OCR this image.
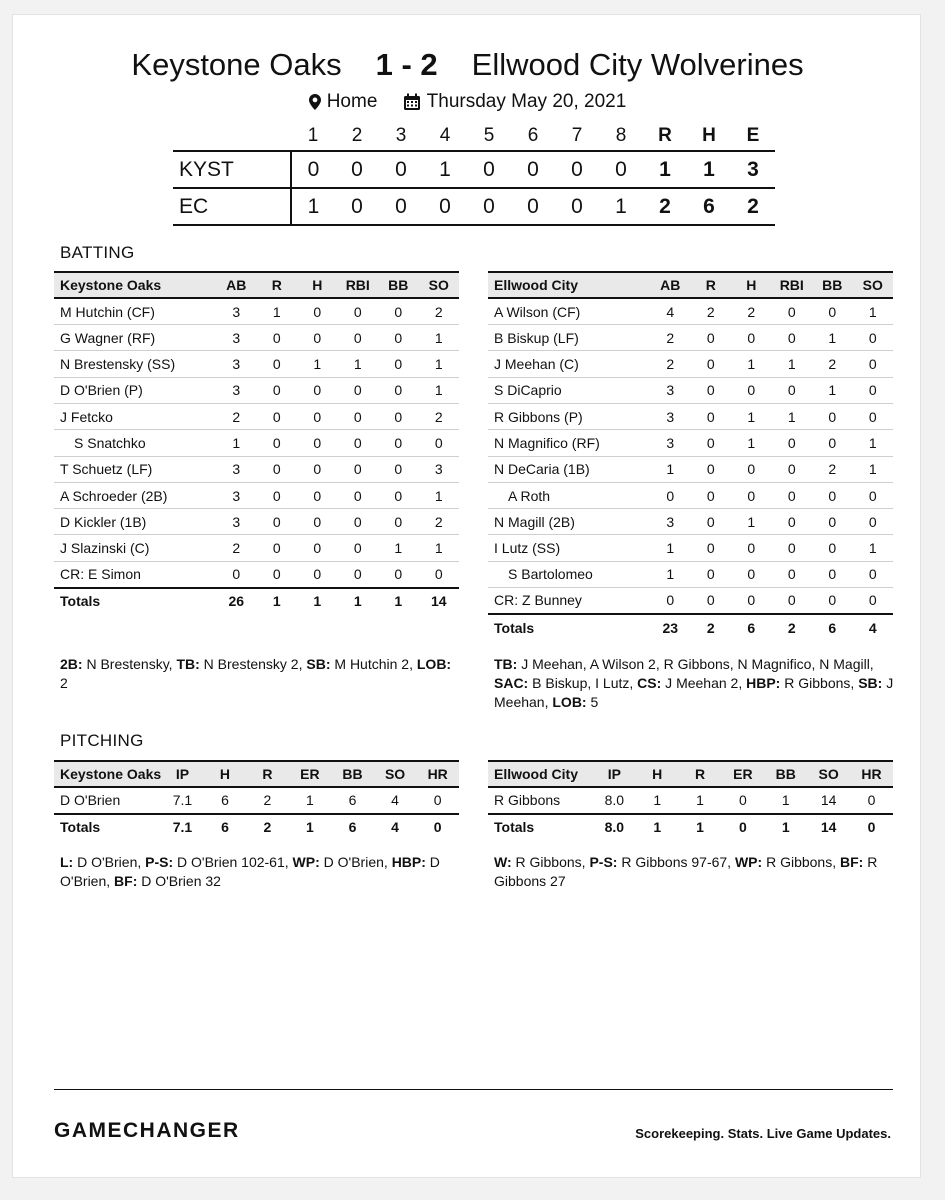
Keystone Oaks 1 - 2 Ellwood City Wolverines
Home	Thursday May 20, 2021
	1	2	3	4	5	6	7	8	R	H	E
KYST	0	0	0	1	0	0	0	0	1	1	3
EC	1	0	0	0	0	0	0	1	2	6	2
BATTING
Keystone Oaks	AB	R	H	RBI	BB	SO
M Hutchin (CF)	3	1	0	0	0	2
G Wagner (RF)	3	0	0	0	0	1
N Brestensky (SS)	3	0	1	1	0	1
D O'Brien (P)	3	0	0	0	0	1
J Fetcko	2	0	0	0	0	2
S Snatchko	1	0	0	0	0	0
T Schuetz (LF)	3	0	0	0	0	3
A Schroeder (2B)	3	0	0	0	0	1
D Kickler (1B)	3	0	0	0	0	2
J Slazinski (C)	2	0	0	0	1	1
CR: E Simon	0	0	0	0	0	0
Totals	26	1	1	1	1	14
Ellwood City	AB	R	H	RBI	BB	SO
A Wilson (CF)	4	2	2	0	0	1
B Biskup (LF)	2	0	0	0	1	0
J Meehan (C)	2	0	1	1	2	0
S DiCaprio	3	0	0	0	1	0
R Gibbons (P)	3	0	1	1	0	0
N Magnifico (RF)	3	0	1	0	0	1
N DeCaria (1B)	1	0	0	0	2	1
A Roth	0	0	0	0	0	0
N Magill (2B)	3	0	1	0	0	0
I Lutz (SS)	1	0	0	0	0	1
S Bartolomeo	1	0	0	0	0	0
CR: Z Bunney	0	0	0	0	0	0
Totals	23	2	6	2	6	4
2B: N Brestensky, TB: N Brestensky 2, SB: M Hutchin 2, LOB: 2
TB: J Meehan, A Wilson 2, R Gibbons, N Magnifico, N Magill, SAC: B Biskup, I Lutz, CS: J Meehan 2, HBP: R Gibbons, SB: J Meehan, LOB: 5
PITCHING
Keystone Oaks	IP	H	R	ER	BB	SO	HR
D O'Brien	7.1	6	2	1	6	4	0
Totals	7.1	6	2	1	6	4	0
Ellwood City	IP	H	R	ER	BB	SO	HR
R Gibbons	8.0	1	1	0	1	14	0
Totals	8.0	1	1	0	1	14	0
L: D O'Brien, P-S: D O'Brien 102-61, WP: D O'Brien, HBP: D O'Brien, BF: D O'Brien 32
W: R Gibbons, P-S: R Gibbons 97-67, WP: R Gibbons, BF: R Gibbons 27
GAMECHANGER	Scorekeeping. Stats. Live Game Updates.
